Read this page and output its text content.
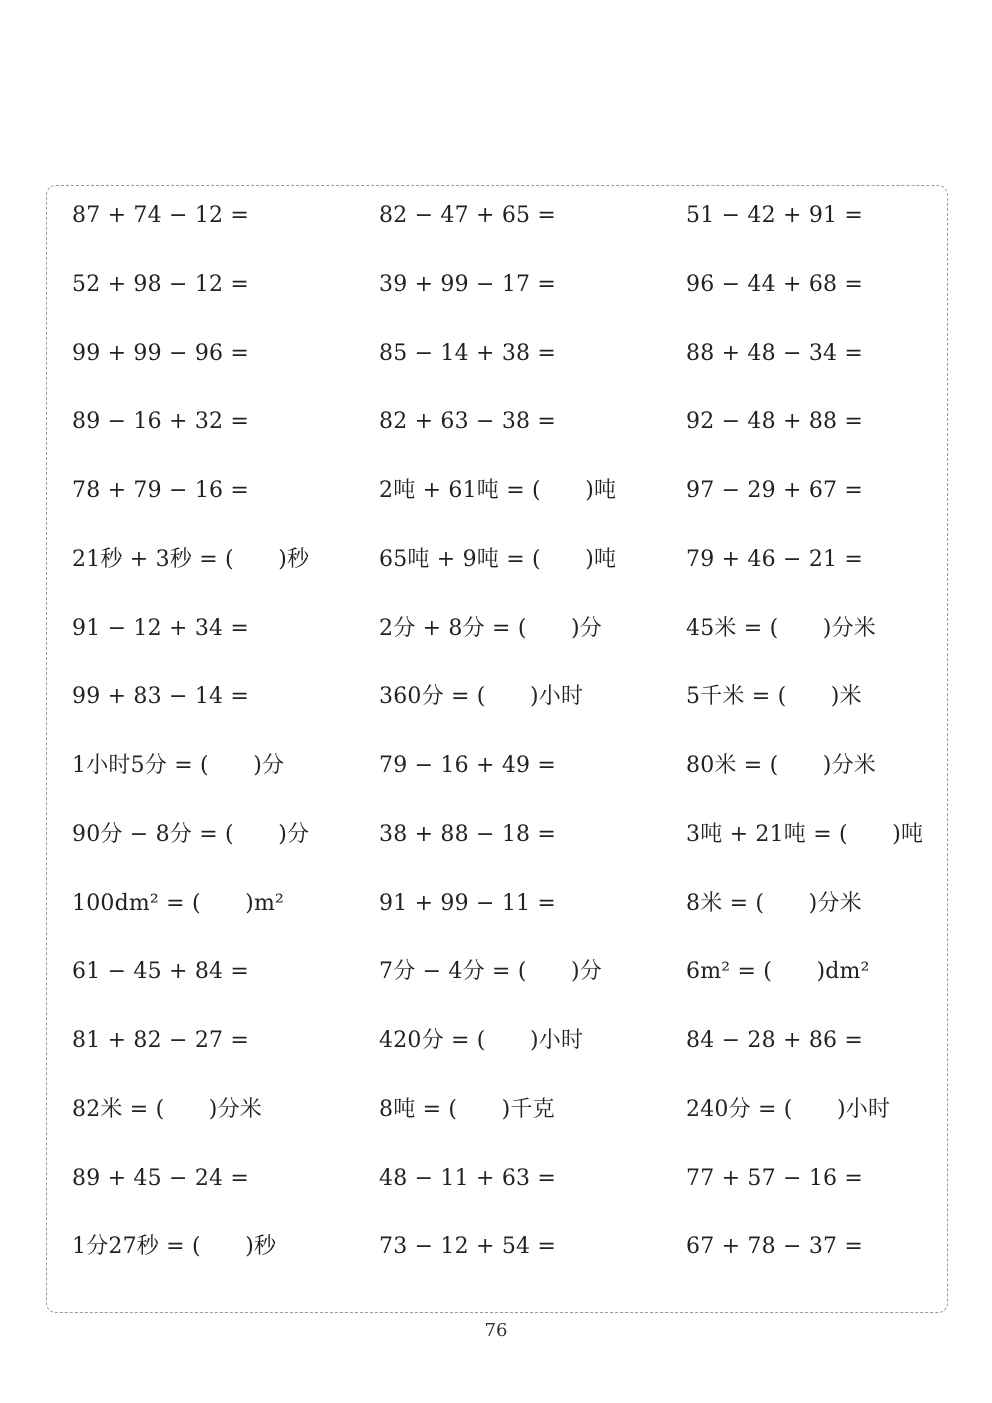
87 + 74 − 12 =	82 − 47 + 65 =	51 − 42 + 91 =
52 + 98 − 12 =	39 + 99 − 17 =	96 − 44 + 68 =
99 + 99 − 96 =	85 − 14 + 38 =	88 + 48 − 34 =
89 − 16 + 32 =	82 + 63 − 38 =	92 − 48 + 88 =
78 + 79 − 16 =	2吨 + 61吨 = (　　)吨	97 − 29 + 67 =
21秒 + 3秒 = (　　)秒	65吨 + 9吨 = (　　)吨	79 + 46 − 21 =
91 − 12 + 34 =	2分 + 8分 = (　　)分	45米 = (　　)分米
99 + 83 − 14 =	360分 = (　　)小时	5千米 = (　　)米
1小时5分 = (　　)分	79 − 16 + 49 =	80米 = (　　)分米
90分 − 8分 = (　　)分	38 + 88 − 18 =	3吨 + 21吨 = (　　)吨
100dm² = (　　)m²	91 + 99 − 11 =	8米 = (　　)分米
61 − 45 + 84 =	7分 − 4分 = (　　)分	6m² = (　　)dm²
81 + 82 − 27 =	420分 = (　　)小时	84 − 28 + 86 =
82米 = (　　)分米	8吨 = (　　)千克	240分 = (　　)小时
89 + 45 − 24 =	48 − 11 + 63 =	77 + 57 − 16 =
1分27秒 = (　　)秒	73 − 12 + 54 =	67 + 78 − 37 =
76
